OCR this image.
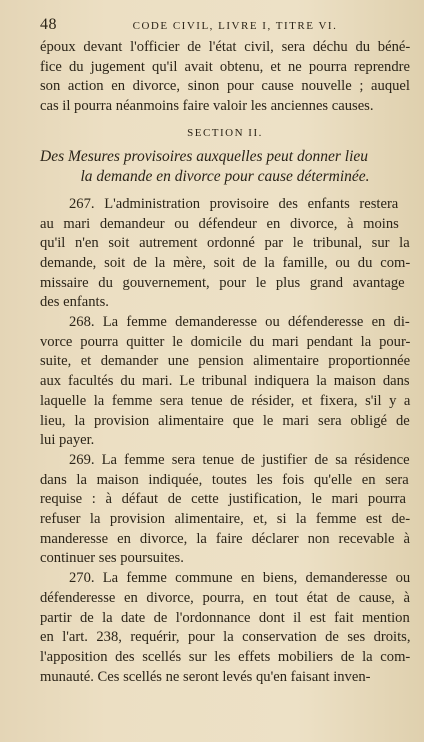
48	CODE CIVIL, LIVRE I, TITRE VI.

époux devant l'officier de l'état civil, sera déchu du béné-
fice du jugement qu'il avait obtenu, et ne pourra reprendre
son action en divorce, sinon pour cause nouvelle ; auquel
cas il pourra néanmoins faire valoir les anciennes causes.

SECTION II.
Des Mesures provisoires auxquelles peut donner lieu
la demande en divorce pour cause déterminée.

267. L'administration provisoire des enfants restera
au mari demandeur ou défendeur en divorce, à moins
qu'il n'en soit autrement ordonné par le tribunal, sur la
demande, soit de la mère, soit de la famille, ou du com-
missaire du gouvernement, pour le plus grand avantage
des enfants.

268. La femme demanderesse ou défenderesse en di-
vorce pourra quitter le domicile du mari pendant la pour-
suite, et demander une pension alimentaire proportionnée
aux facultés du mari. Le tribunal indiquera la maison dans
laquelle la femme sera tenue de résider, et fixera, s'il y a
lieu, la provision alimentaire que le mari sera obligé de
lui payer.

269. La femme sera tenue de justifier de sa résidence
dans la maison indiquée, toutes les fois qu'elle en sera
requise : à défaut de cette justification, le mari pourra
refuser la provision alimentaire, et, si la femme est de-
manderesse en divorce, la faire déclarer non recevable à
continuer ses poursuites.

270. La femme commune en biens, demanderesse ou
défenderesse en divorce, pourra, en tout état de cause, à
partir de la date de l'ordonnance dont il est fait mention
en l'art. 238, requérir, pour la conservation de ses droits,
l'apposition des scellés sur les effets mobiliers de la com-
munauté. Ces scellés ne seront levés qu'en faisant inven-
